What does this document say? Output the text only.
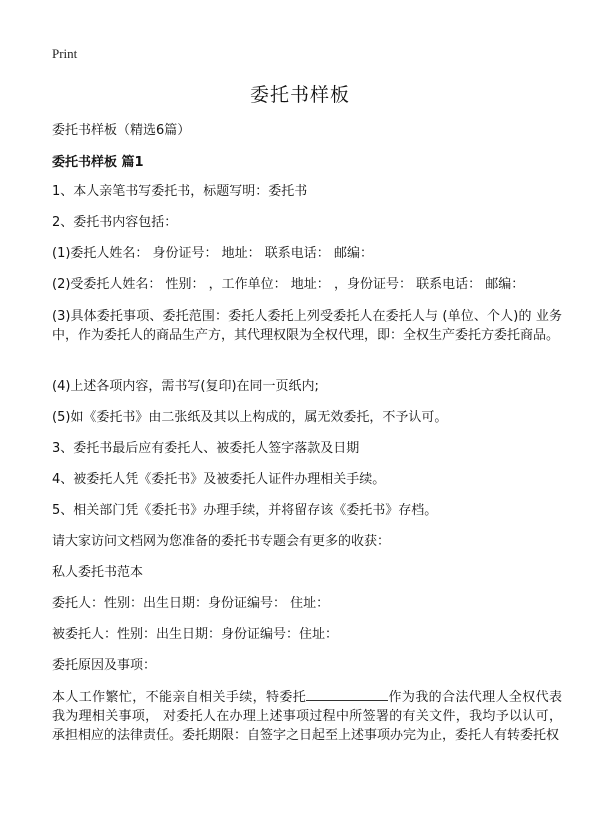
Print
委托书样板
委托书样板（精选6篇）
委托书样板 篇1
1、本人亲笔书写委托书，标题写明：委托书
2、委托书内容包括：
(1)委托人姓名： 身份证号： 地址： 联系电话： 邮编：
(2)受委托人姓名： 性别： ，工作单位： 地址： ，身份证号： 联系电话： 邮编：
(3)具体委托事项、委托范围：委托人委托上列受委托人在委托人与 (单位、个人)的 业务中，作为委托人的商品生产方，其代理权限为全权代理，即：全权生产委托方委托商品。
(4)上述各项内容，需书写(复印)在同一页纸内;
(5)如《委托书》由二张纸及其以上构成的，属无效委托，不予认可。
3、委托书最后应有委托人、被委托人签字落款及日期
4、被委托人凭《委托书》及被委托人证件办理相关手续。
5、相关部门凭《委托书》办理手续，并将留存该《委托书》存档。
请大家访问文档网为您准备的委托书专题会有更多的收获：
私人委托书范本
委托人：性别：出生日期：身份证编号： 住址：
被委托人：性别：出生日期：身份证编号：住址：
委托原因及事项：
本人工作繁忙，不能亲自相关手续，特委托	作为我的合法代理人全权代表我为理相关事项， 对委托人在办理上述事项过程中所签署的有关文件，我均予以认可，承担相应的法律责任。委托期限：自签字之日起至上述事项办完为止，委托人有转委托权
